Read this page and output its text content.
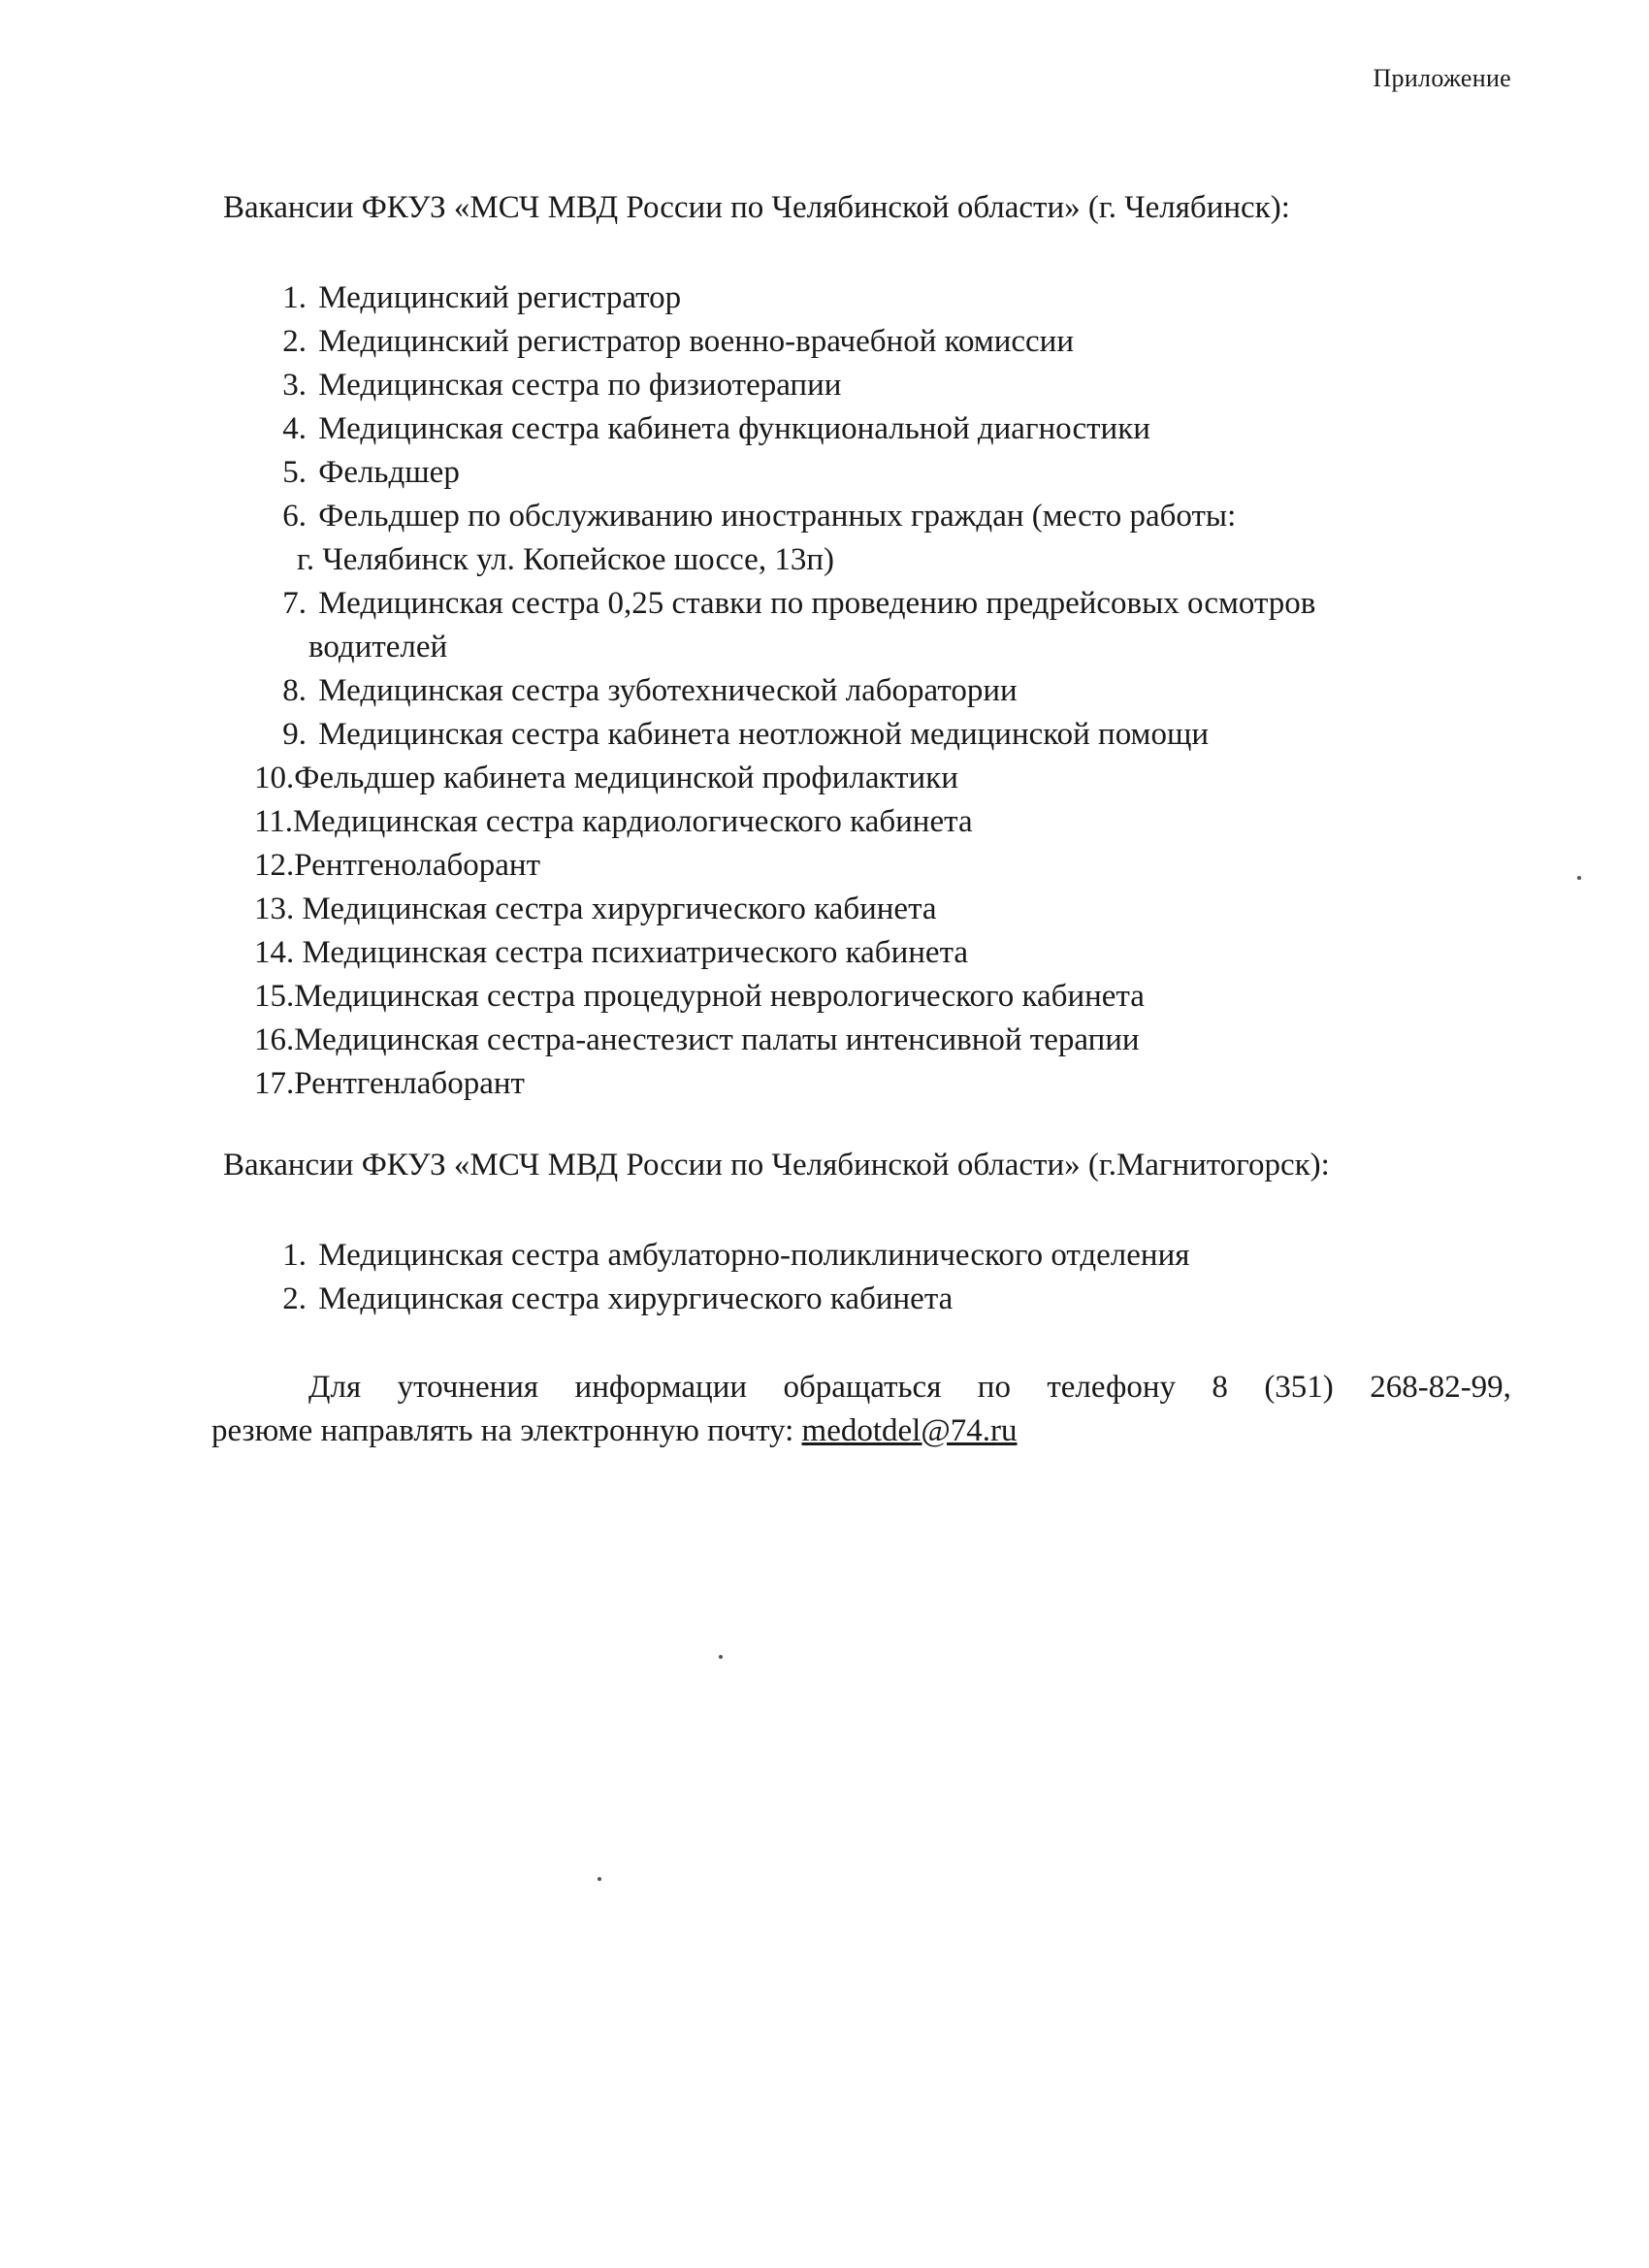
Приложение
Вакансии ФКУЗ «МСЧ МВД России по Челябинской области» (г. Челябинск):
1. Медицинский регистратор
2. Медицинский регистратор военно-врачебной комиссии
3. Медицинская сестра по физиотерапии
4. Медицинская сестра кабинета функциональной диагностики
5. Фельдшер
6. Фельдшер по обслуживанию иностранных граждан (место работы:
г. Челябинск ул. Копейское шоссе, 13п)
7. Медицинская сестра 0,25 ставки по проведению предрейсовых осмотров
водителей
8. Медицинская сестра зуботехнической лаборатории
9. Медицинская сестра кабинета неотложной медицинской помощи
10.Фельдшер кабинета медицинской профилактики
11.Медицинская сестра кардиологического кабинета
12.Рентгенолаборант
13. Медицинская сестра хирургического кабинета
14. Медицинская сестра психиатрического кабинета
15.Медицинская сестра процедурной неврологического кабинета
16.Медицинская сестра-анестезист палаты интенсивной терапии
17.Рентгенлаборант
Вакансии ФКУЗ «МСЧ МВД России по Челябинской области» (г.Магнитогорск):
1. Медицинская сестра амбулаторно-поликлинического отделения
2. Медицинская сестра хирургического кабинета
Для уточнения информации обращаться по телефону 8 (351) 268-82-99,
резюме направлять на электронную почту: medotdel@74.ru
